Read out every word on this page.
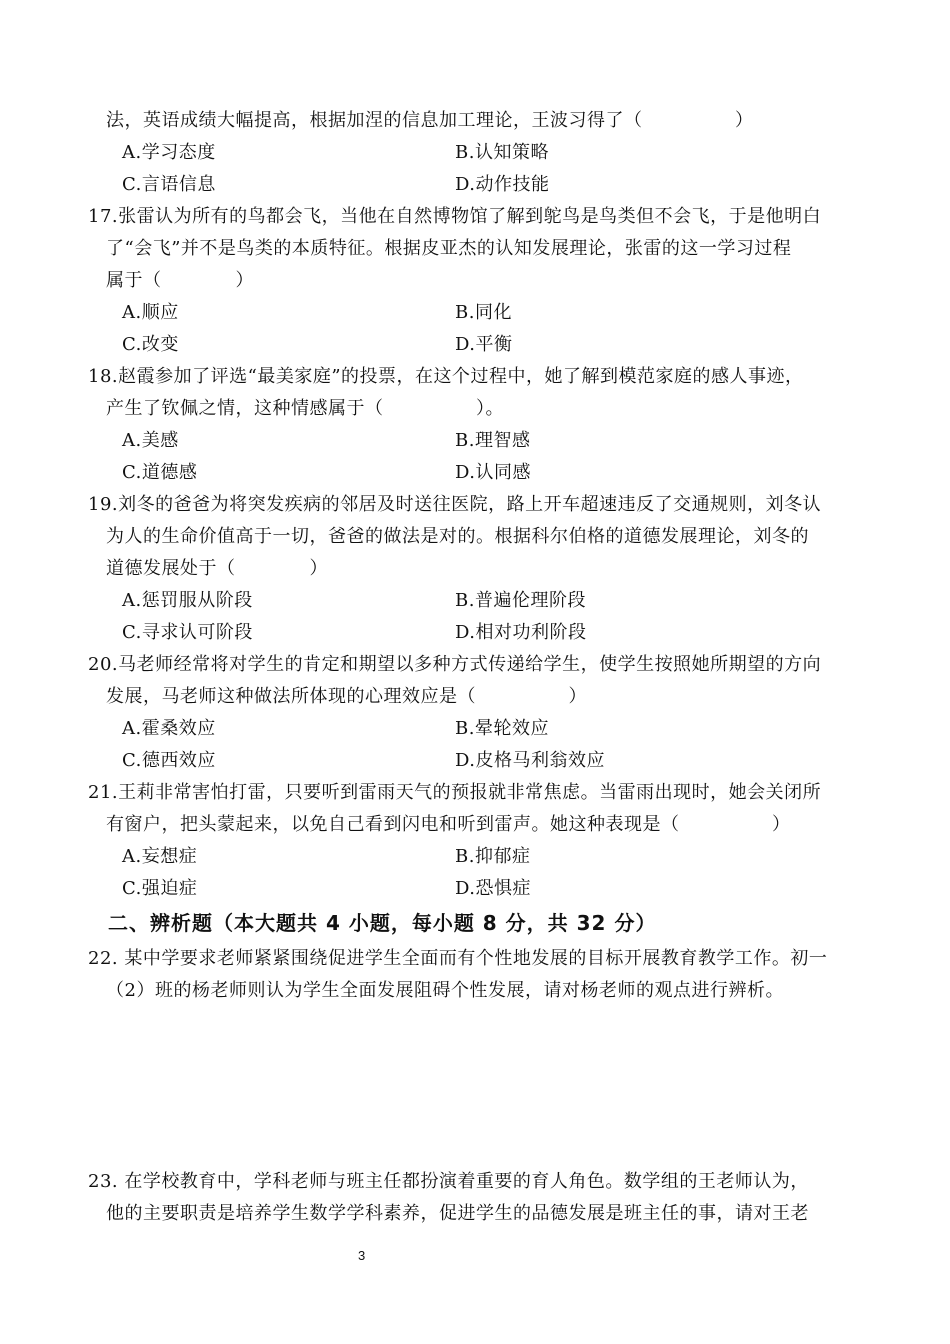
法，英语成绩大幅提高，根据加涅的信息加工理论，王波习得了（　　　　　）
A.学习态度	B.认知策略
C.言语信息	D.动作技能
17.张雷认为所有的鸟都会飞，当他在自然博物馆了解到鸵鸟是鸟类但不会飞，于是他明白
了“会飞”并不是鸟类的本质特征。根据皮亚杰的认知发展理论，张雷的这一学习过程
属于（　　　　）
A.顺应	B.同化
C.改变	D.平衡
18.赵霞参加了评选“最美家庭”的投票，在这个过程中，她了解到模范家庭的感人事迹，
产生了钦佩之情，这种情感属于（　　　　　）。
A.美感	B.理智感
C.道德感	D.认同感
19.刘冬的爸爸为将突发疾病的邻居及时送往医院，路上开车超速违反了交通规则，刘冬认
为人的生命价值高于一切，爸爸的做法是对的。根据科尔伯格的道德发展理论，刘冬的
道德发展处于（　　　　）
A.惩罚服从阶段	B.普遍伦理阶段
C.寻求认可阶段	D.相对功利阶段
20.马老师经常将对学生的肯定和期望以多种方式传递给学生，使学生按照她所期望的方向
发展，马老师这种做法所体现的心理效应是（　　　　　）
A.霍桑效应	B.晕轮效应
C.德西效应	D.皮格马利翁效应
21.王莉非常害怕打雷，只要听到雷雨天气的预报就非常焦虑。当雷雨出现时，她会关闭所
有窗户，把头蒙起来，以免自己看到闪电和听到雷声。她这种表现是（　　　　　）
A.妄想症	B.抑郁症
C.强迫症	D.恐惧症
二、辨析题（本大题共 4 小题，每小题 8 分，共 32 分）
22. 某中学要求老师紧紧围绕促进学生全面而有个性地发展的目标开展教育教学工作。初一
（2）班的杨老师则认为学生全面发展阻碍个性发展，请对杨老师的观点进行辨析。
23. 在学校教育中，学科老师与班主任都扮演着重要的育人角色。数学组的王老师认为，
他的主要职责是培养学生数学学科素养，促进学生的品德发展是班主任的事，请对王老
3
